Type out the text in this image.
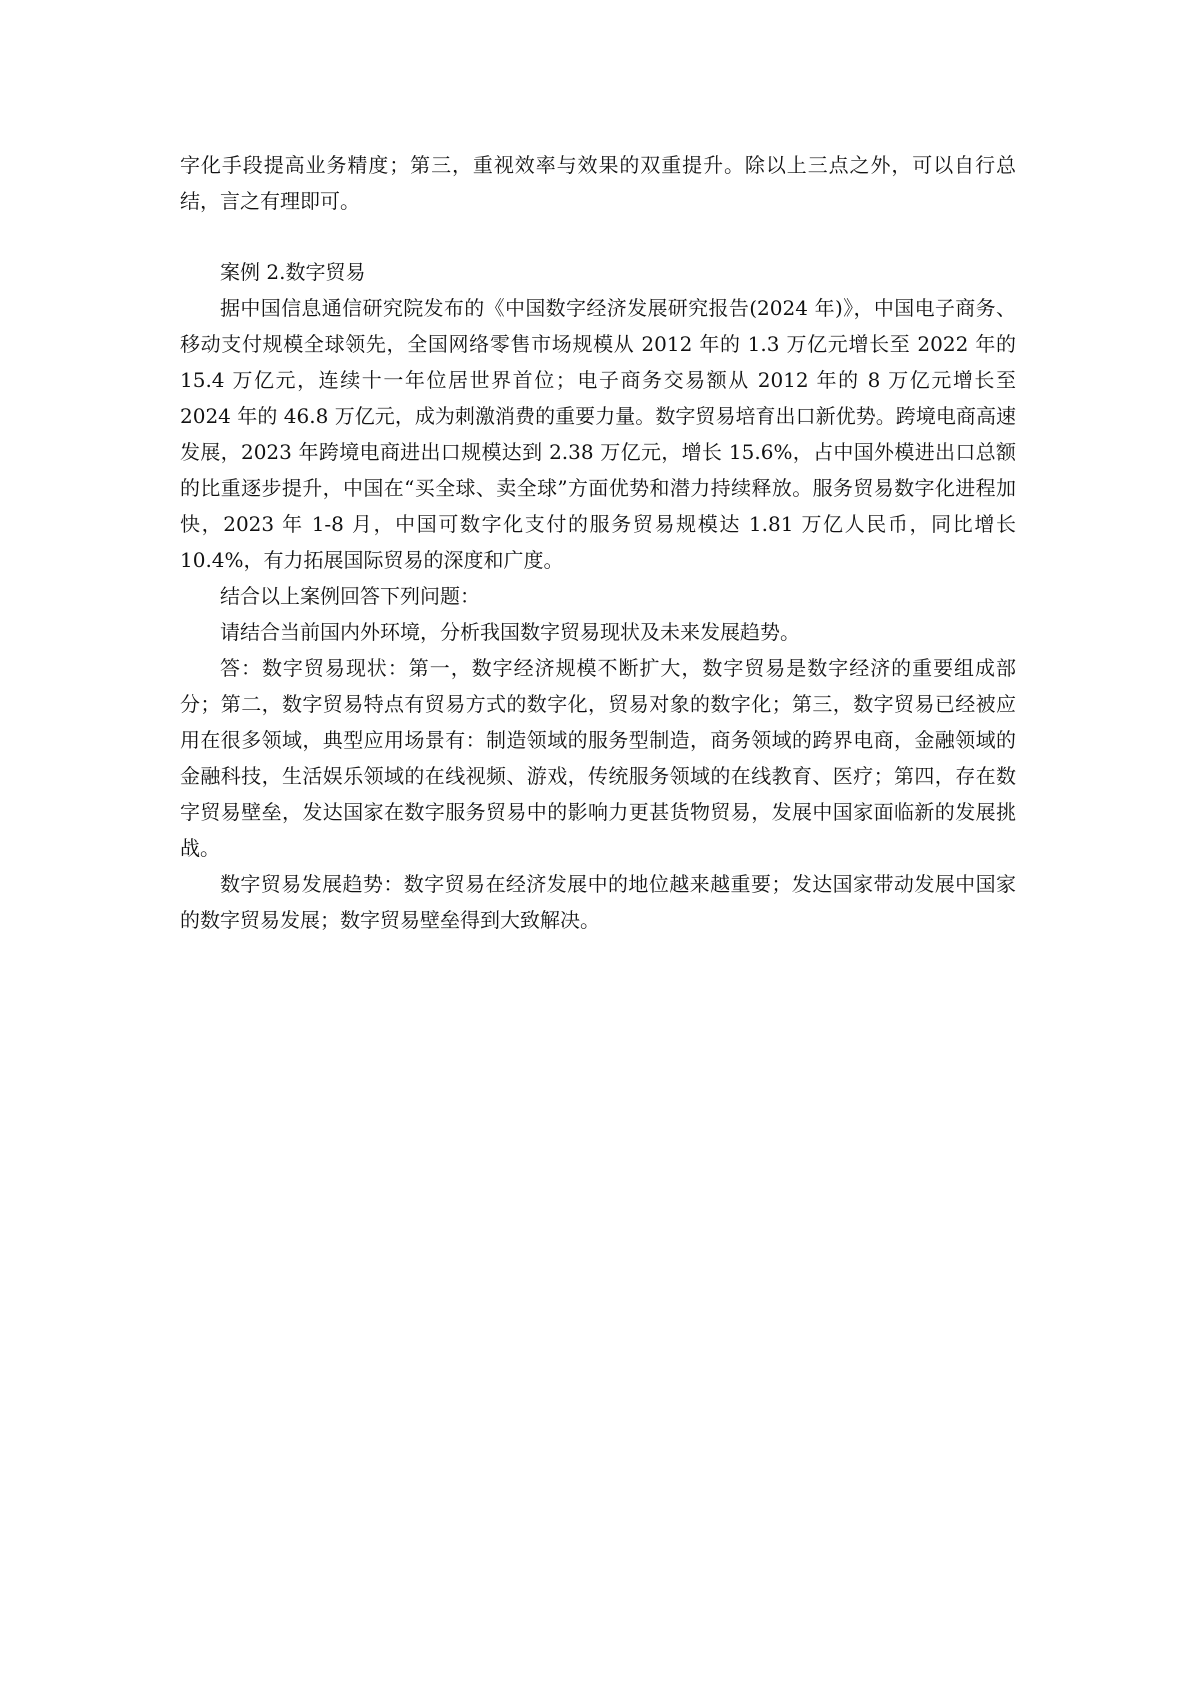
字化手段提高业务精度；第三，重视效率与效果的双重提升。除以上三点之外，可以自行总结，言之有理即可。

案例 2.数字贸易

据中国信息通信研究院发布的《中国数字经济发展研究报告(2024 年)》，中国电子商务、移动支付规模全球领先，全国网络零售市场规模从 2012 年的 1.3 万亿元增长至 2022 年的 15.4 万亿元，连续十一年位居世界首位；电子商务交易额从 2012 年的 8 万亿元增长至 2024 年的 46.8 万亿元，成为刺激消费的重要力量。数字贸易培育出口新优势。跨境电商高速发展，2023 年跨境电商进出口规模达到 2.38 万亿元，增长 15.6%，占中国外模进出口总额的比重逐步提升，中国在“买全球、卖全球”方面优势和潜力持续释放。服务贸易数字化进程加快，2023 年 1-8 月，中国可数字化支付的服务贸易规模达 1.81 万亿人民币，同比增长 10.4%，有力拓展国际贸易的深度和广度。

结合以上案例回答下列问题：

请结合当前国内外环境，分析我国数字贸易现状及未来发展趋势。

答：数字贸易现状：第一，数字经济规模不断扩大，数字贸易是数字经济的重要组成部分；第二，数字贸易特点有贸易方式的数字化，贸易对象的数字化；第三，数字贸易已经被应用在很多领域，典型应用场景有：制造领域的服务型制造，商务领域的跨界电商，金融领域的金融科技，生活娱乐领域的在线视频、游戏，传统服务领域的在线教育、医疗；第四，存在数字贸易壁垒，发达国家在数字服务贸易中的影响力更甚货物贸易，发展中国家面临新的发展挑战。

数字贸易发展趋势：数字贸易在经济发展中的地位越来越重要；发达国家带动发展中国家的数字贸易发展；数字贸易壁垒得到大致解决。
